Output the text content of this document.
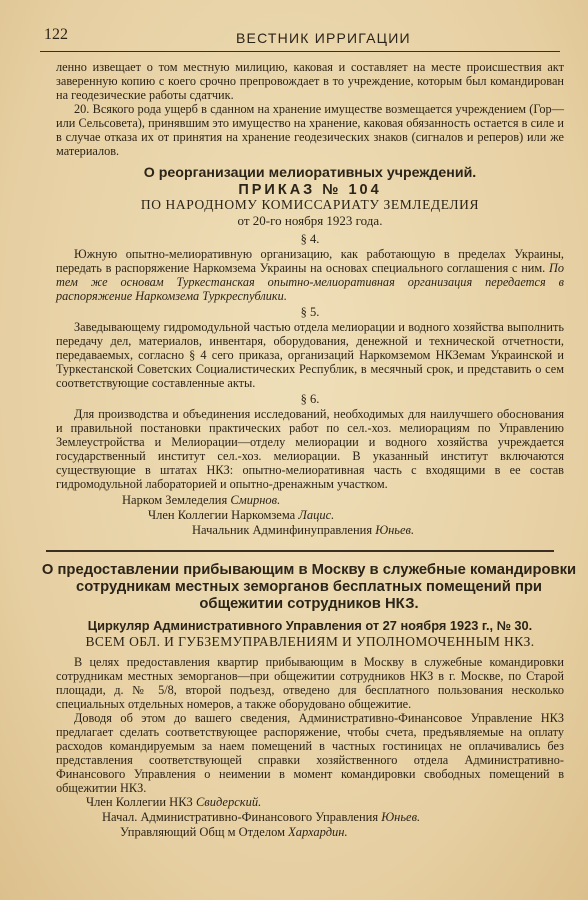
122	ВЕСТНИК ИРРИГАЦИИ

ленно извещает о том местную милицию, каковая и составляет на месте происшествия акт заверенную копию с коего срочно препровождает в то учреждение, которым был командирован на геодезические работы сдатчик.

20. Всякого рода ущерб в сданном на хранение имуществе возмещается учреждением (Гор—или Сельсовета), принявшим это имущество на хранение, каковая обязанность остается в силе и в случае отказа их от принятия на хранение геодезических знаков (сигналов и реперов) или же материалов.

О реорганизации мелиоративных учреждений.
ПРИКАЗ № 104
ПО НАРОДНОМУ КОМИССАРИАТУ ЗЕМЛЕДЕЛИЯ
от 20-го ноября 1923 года.
§ 4.

Южную опытно-мелиоративную организацию, как работающую в пределах Украины, передать в распоряжение Наркомзема Украины на основах специального соглашения с ним. По тем же основам Туркестанская опытно-мелиоративная организация передается в распоряжение Наркомзема Туркреспублики.

§ 5.

Заведывающему гидромодульной частью отдела мелиорации и водного хозяйства выполнить передачу дел, материалов, инвентаря, оборудования, денежной и технической отчетности, передаваемых, согласно § 4 сего приказа, организаций Наркомземом НКЗемам Украинской и Туркестанской Советских Социалистических Республик, в месячный срок, и представить о сем соответствующие составленные акты.

§ 6.

Для производства и объединения исследований, необходимых для наилучшего обоснования и правильной постановки практических работ по сел.-хоз. мелиорациям по Управлению Землеустройства и Мелиорации—отделу мелиорации и водного хозяйства учреждается государственный институт сел.-хоз. мелиорации. В указанный институт включаются существующие в штатах НКЗ: опытно-мелиоративная часть с входящими в ее состав гидромодульной лабораторией и опытно-дренажным участком.

Нарком Земледелия Смирнов.

Член Коллегии Наркомзема Лацис.

Начальник Админфинуправления Юньев.

О предоставлении прибывающим в Москву в служебные командировки сотрудникам местных земорганов бесплатных помещений при общежитии сотрудников НКЗ.
Циркуляр Административного Управления от 27 ноября 1923 г., № 30.
ВСЕМ ОБЛ. И ГУБЗЕМУПРАВЛЕНИЯМ И УПОЛНОМОЧЕННЫМ НКЗ.

В целях предоставления квартир прибывающим в Москву в служебные командировки сотрудникам местных земорганов—при общежитии сотрудников НКЗ в г. Москве, по Старой площади, д. № 5/8, второй подъезд, отведено для бесплатного пользования несколько специальных отдельных номеров, а также оборудовано общежитие.

Доводя об этом до вашего сведения, Административно-Финансовое Управление НКЗ предлагает сделать соответствующее распоряжение, чтобы счета, предъявляемые на оплату расходов командируемым за наем помещений в частных гостиницах не оплачивались без представления соответствующей справки хозяйственного отдела Административно-Финансового Управления о неимении в момент командировки свободных помещений в общежитии НКЗ.

Член Коллегии НКЗ Свидерский.

Начал. Административно-Финансового Управления Юньев.

Управляющий Общ м Отделом Хархардин.
